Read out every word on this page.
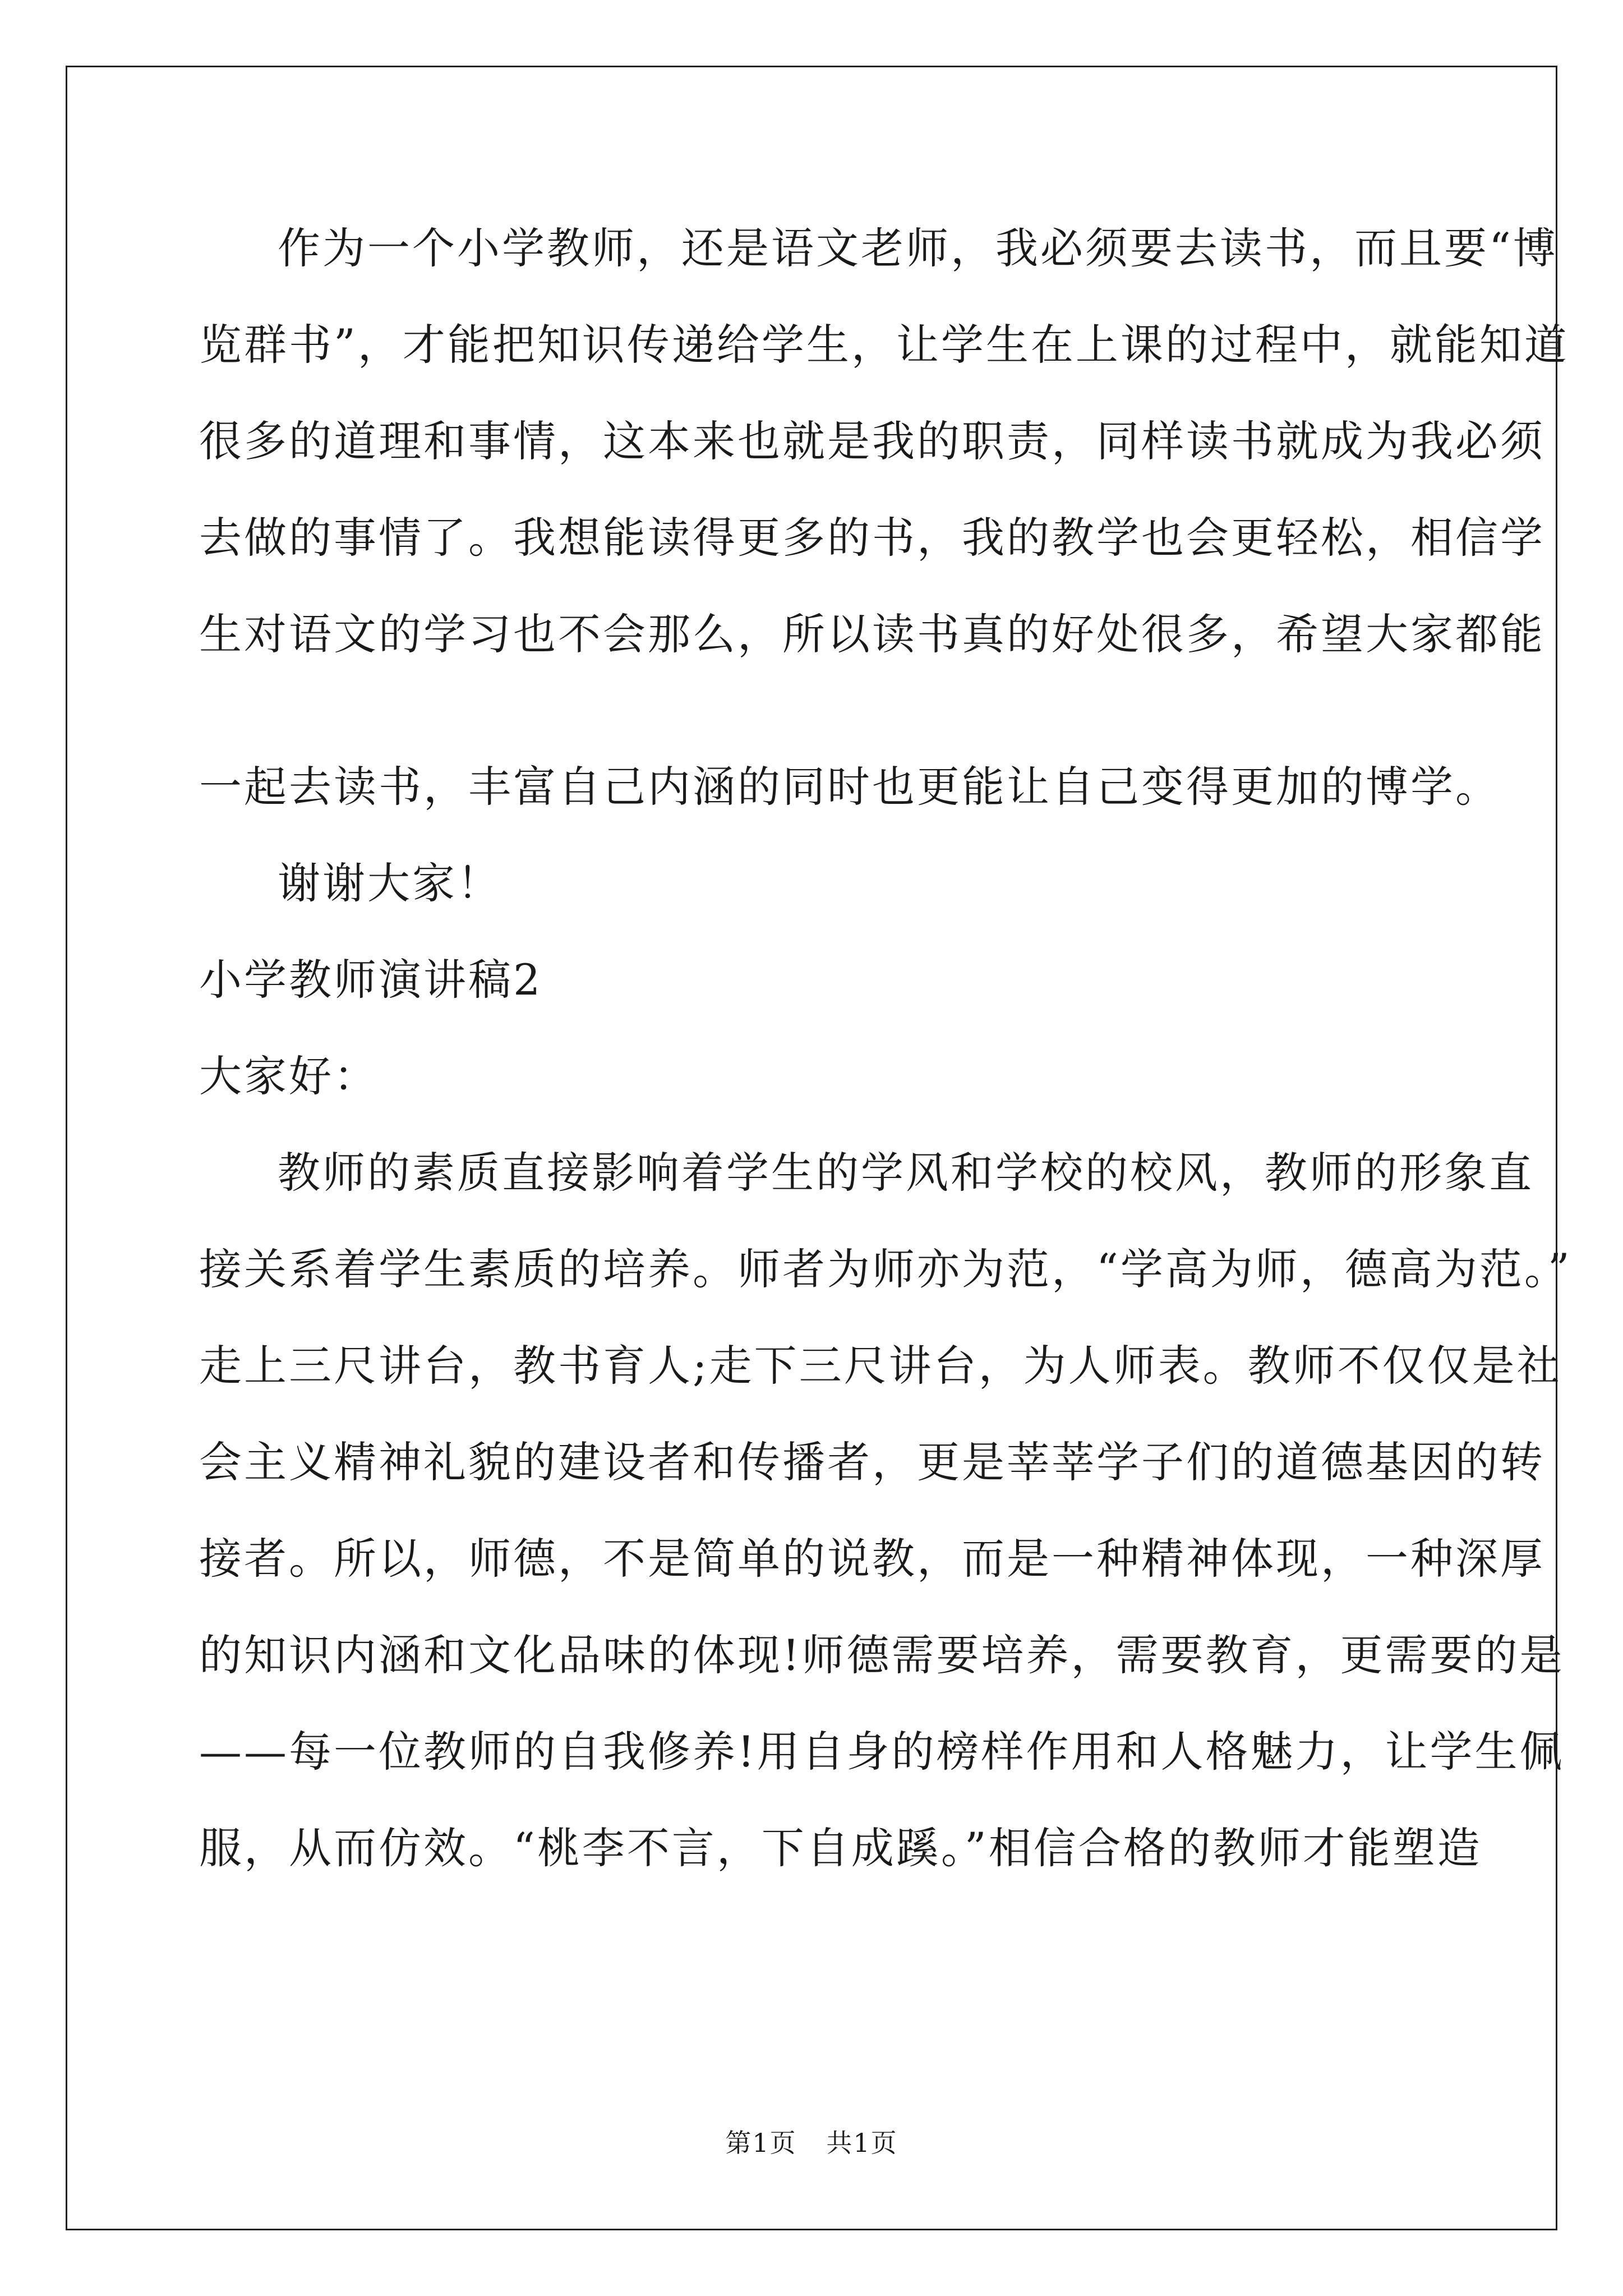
作为一个小学教师，还是语文老师，我必须要去读书，而且要“博
览群书”，才能把知识传递给学生，让学生在上课的过程中，就能知道
很多的道理和事情，这本来也就是我的职责，同样读书就成为我必须
去做的事情了。我想能读得更多的书，我的教学也会更轻松，相信学
生对语文的学习也不会那么，所以读书真的好处很多，希望大家都能
一起去读书，丰富自己内涵的同时也更能让自己变得更加的博学。
谢谢大家！
小学教师演讲稿2
大家好：
教师的素质直接影响着学生的学风和学校的校风，教师的形象直
接关系着学生素质的培养。师者为师亦为范，“学高为师，德高为范。”
走上三尺讲台，教书育人;走下三尺讲台，为人师表。教师不仅仅是社
会主义精神礼貌的建设者和传播者，更是莘莘学子们的道德基因的转
接者。所以，师德，不是简单的说教，而是一种精神体现，一种深厚
的知识内涵和文化品味的体现!师德需要培养，需要教育，更需要的是
——每一位教师的自我修养!用自身的榜样作用和人格魅力，让学生佩
服，从而仿效。“桃李不言，下自成蹊。”相信合格的教师才能塑造
第1页 共1页
